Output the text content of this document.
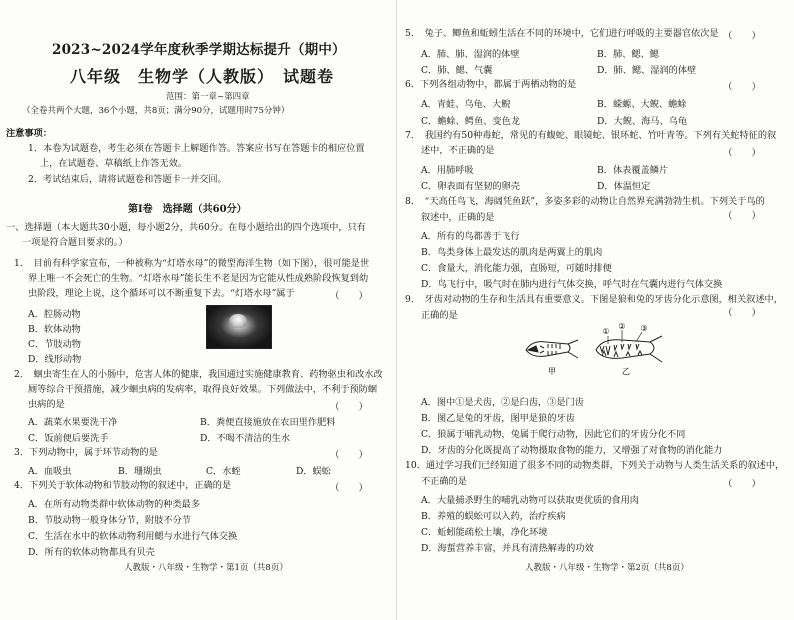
2023~2024学年度秋季学期达标提升（期中）
八年级　生物学（人教版）　试题卷
范围：第一章~第四章
（全卷共两个大题，36个小题，共8页；满分90分，试题用时75分钟）
注意事项：
1．本卷为试题卷，考生必须在答题卡上解题作答。答案应书写在答题卡的相应位置
上，在试题卷、草稿纸上作答无效。
2．考试结束后，请将试题卷和答题卡一并交回。
第Ⅰ卷　选择题（共60分）
一、选择题（本大题共30小题，每小题2分，共60分。在每小题给出的四个选项中，只有
一项是符合题目要求的。）
1．　目前有科学家宣布，一种被称为“灯塔水母”的微型海洋生物（如下图），很可能是世
界上唯一不会死亡的生物。“灯塔水母”能长生不老是因为它能从性成熟阶段恢复到幼
虫阶段，理论上说，这个循环可以不断重复下去。“灯塔水母”属于	（　　）
A．腔肠动物
B．软体动物
C．节肢动物
D．线形动物
2．　蛔虫寄生在人的小肠中，危害人体的健康，我国通过实施健康教育、药物驱虫和改水改
厕等综合干预措施，减少蛔虫病的发病率，取得良好效果。下列做法中，不利于预防蛔
虫病的是	（　　）
A．蔬菜水果要洗干净	B．粪便直接施放在农田里作肥料
C．饭前便后要洗手	D．不喝不清洁的生水
3．下列动物中，属于环节动物的是	（　　）
A．血吸虫	B．珊瑚虫	C．水蛭	D．蜈蚣
4．下列关于软体动物和节肢动物的叙述中，正确的是	（　　）
A．在所有动物类群中软体动物的种类最多
B．节肢动物一般身体分节，附肢不分节
C．生活在水中的软体动物利用鳃与水进行气体交换
D．所有的软体动物都具有贝壳
人教版・八年级・生物学・第1页（共8页）
5．　兔子、鲫鱼和蚯蚓生活在不同的环境中，它们进行呼吸的主要器官依次是 （　　）
A．肺、肺、湿润的体壁	B．肺、鳃、鳃
C．肺、鳃、气囊	D．肺、鳃、湿润的体壁
6．下列各组动物中，都属于两栖动物的是	（　　）
A．青蛙、乌龟、大鲵	B．蝾螈、大鲵、蟾蜍
C．蟾蜍、鳄鱼、变色龙	D．大鲵、海马、乌龟
7．　我国约有50种毒蛇，常见的有蝮蛇、眼镜蛇、银环蛇、竹叶青等。下列有关蛇特征的叙
述中，不正确的是	（　　）
A．用肺呼吸	B．体表覆盖鳞片
C．卵表面有坚韧的卵壳	D．体温恒定
8．　“天高任鸟飞，海阔凭鱼跃”，多姿多彩的动物让自然界充满勃勃生机。下列关于鸟的
叙述中，正确的是	（　　）
A．所有的鸟都善于飞行
B．鸟类身体上最发达的肌肉是两翼上的肌肉
C．食量大，消化能力强，直肠短，可随时排便
D．鸟飞行中，吸气时在肺内进行气体交换，呼气时在气囊内进行气体交换
9．　牙齿对动物的生存和生活具有重要意义。下图是狼和兔的牙齿分化示意图，相关叙述中，
正确的是	（　　）
①
② ③
甲	乙
A．图中①是犬齿，②是臼齿，③是门齿
B．图乙是兔的牙齿，图甲是狼的牙齿
C．狼属于哺乳动物，兔属于爬行动物，因此它们的牙齿分化不同
D．牙齿的分化既提高了动物摄取食物的能力，又增强了对食物的消化能力
10．通过学习我们已经知道了很多不同的动物类群，下列关于动物与人类生活关系的叙述中，
不正确的是	（　　）
A．大量捕杀野生的哺乳动物可以获取更优质的食用肉
B．养殖的蜈蚣可以入药，治疗疾病
C．蚯蚓能疏松土壤，净化环境
D．海蜇营养丰富，并具有清热解毒的功效
人教版・八年级・生物学・第2页（共8页）
